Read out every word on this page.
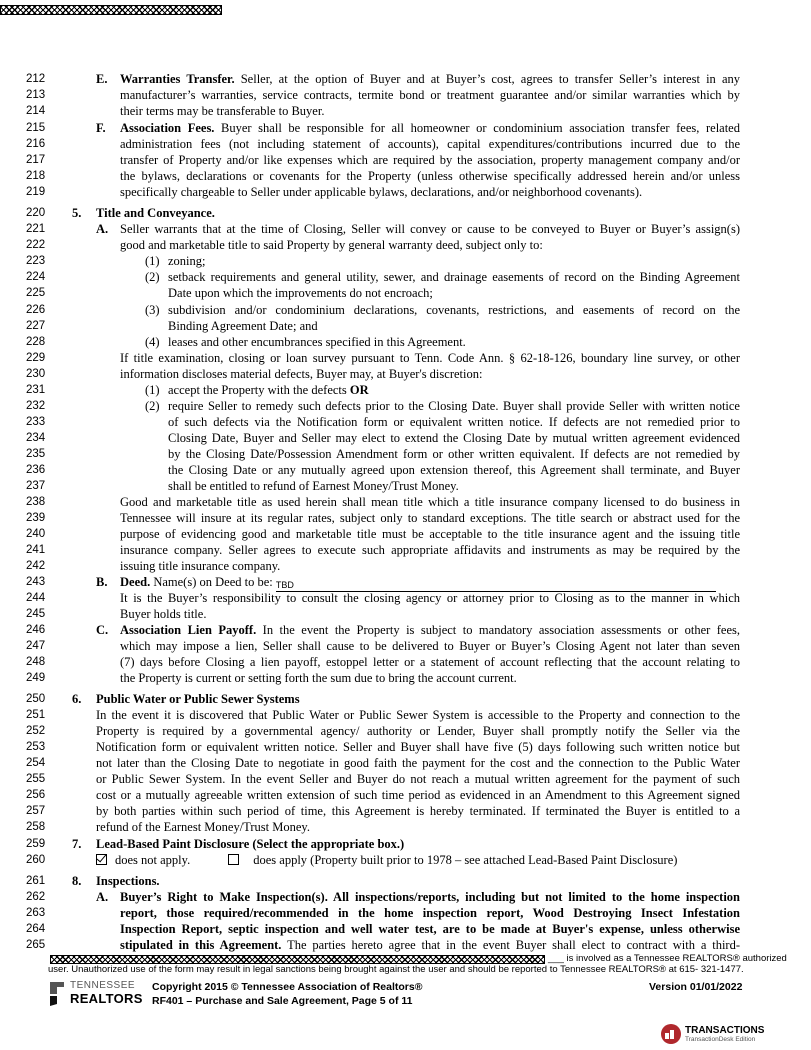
212	E. Warranties Transfer. Seller, at the option of Buyer and at Buyer’s cost, agrees to transfer Seller’s interest in any
213	manufacturer’s warranties, service contracts, termite bond or treatment guarantee and/or similar warranties which by
214	their terms may be transferable to Buyer.
215	F. Association Fees. Buyer shall be responsible for all homeowner or condominium association transfer fees, related
216	administration fees (not including statement of accounts), capital expenditures/contributions incurred due to the
217	transfer of Property and/or like expenses which are required by the association, property management company and/or
218	the bylaws, declarations or covenants for the Property (unless otherwise specifically addressed herein and/or unless
219	specifically chargeable to Seller under applicable bylaws, declarations, and/or neighborhood covenants).
220	5. Title and Conveyance.
221	A. Seller warrants that at the time of Closing, Seller will convey or cause to be conveyed to Buyer or Buyer’s assign(s)
222	good and marketable title to said Property by general warranty deed, subject only to:
223	(1) zoning;
224	(2) setback requirements and general utility, sewer, and drainage easements of record on the Binding Agreement
225	Date upon which the improvements do not encroach;
226	(3) subdivision and/or condominium declarations, covenants, restrictions, and easements of record on the
227	Binding Agreement Date; and
228	(4) leases and other encumbrances specified in this Agreement.
229	If title examination, closing or loan survey pursuant to Tenn. Code Ann. § 62-18-126, boundary line survey, or other
230	information discloses material defects, Buyer may, at Buyer's discretion:
231	(1) accept the Property with the defects OR
232	(2) require Seller to remedy such defects prior to the Closing Date. Buyer shall provide Seller with written notice
233	of such defects via the Notification form or equivalent written notice. If defects are not remedied prior to
234	Closing Date, Buyer and Seller may elect to extend the Closing Date by mutual written agreement evidenced
235	by the Closing Date/Possession Amendment form or other written equivalent. If defects are not remedied by
236	the Closing Date or any mutually agreed upon extension thereof, this Agreement shall terminate, and Buyer
237	shall be entitled to refund of Earnest Money/Trust Money.
238	Good and marketable title as used herein shall mean title which a title insurance company licensed to do business in
239	Tennessee will insure at its regular rates, subject only to standard exceptions. The title search or abstract used for the
240	purpose of evidencing good and marketable title must be acceptable to the title insurance agent and the issuing title
241	insurance company. Seller agrees to execute such appropriate affidavits and instruments as may be required by the
242	issuing title insurance company.
243	B. Deed. Name(s) on Deed to be: TBD
244	It is the Buyer’s responsibility to consult the closing agency or attorney prior to Closing as to the manner in which
245	Buyer holds title.
246	C. Association Lien Payoff. In the event the Property is subject to mandatory association assessments or other fees,
247	which may impose a lien, Seller shall cause to be delivered to Buyer or Buyer’s Closing Agent not later than seven
248	(7) days before Closing a lien payoff, estoppel letter or a statement of account reflecting that the account relating to
249	the Property is current or setting forth the sum due to bring the account current.
250	6. Public Water or Public Sewer Systems
251	In the event it is discovered that Public Water or Public Sewer System is accessible to the Property and connection to the
252	Property is required by a governmental agency/ authority or Lender, Buyer shall promptly notify the Seller via the
253	Notification form or equivalent written notice. Seller and Buyer shall have five (5) days following such written notice but
254	not later than the Closing Date to negotiate in good faith the payment for the cost and the connection to the Public Water
255	or Public Sewer System. In the event Seller and Buyer do not reach a mutual written agreement for the payment of such
256	cost or a mutually agreeable written extension of such time period as evidenced in an Amendment to this Agreement signed
257	by both parties within such period of time, this Agreement is hereby terminated. If terminated the Buyer is entitled to a
258	refund of the Earnest Money/Trust Money.
259	7. Lead-Based Paint Disclosure (Select the appropriate box.)
260	does not apply.	does apply (Property built prior to 1978 – see attached Lead-Based Paint Disclosure)
261	8. Inspections.
262	A. Buyer’s Right to Make Inspection(s). All inspections/reports, including but not limited to the home inspection
263	report, those required/recommended in the home inspection report, Wood Destroying Insect Infestation
264	Inspection Report, septic inspection and well water test, are to be made at Buyer's expense, unless otherwise
265	stipulated in this Agreement. The parties hereto agree that in the event Buyer shall elect to contract with a third-
___ is involved as a Tennessee REALTORS® authorized
user. Unauthorized use of the form may result in legal sanctions being brought against the user and should be reported to Tennessee REALTORS® at 615- 321-1477.
TENNESSEE
REALTORS
Copyright 2015 © Tennessee Association of Realtors®
RF401 – Purchase and Sale Agreement, Page 5 of 11
Version 01/01/2022
TRANSACTIONS
TransactionDesk Edition
